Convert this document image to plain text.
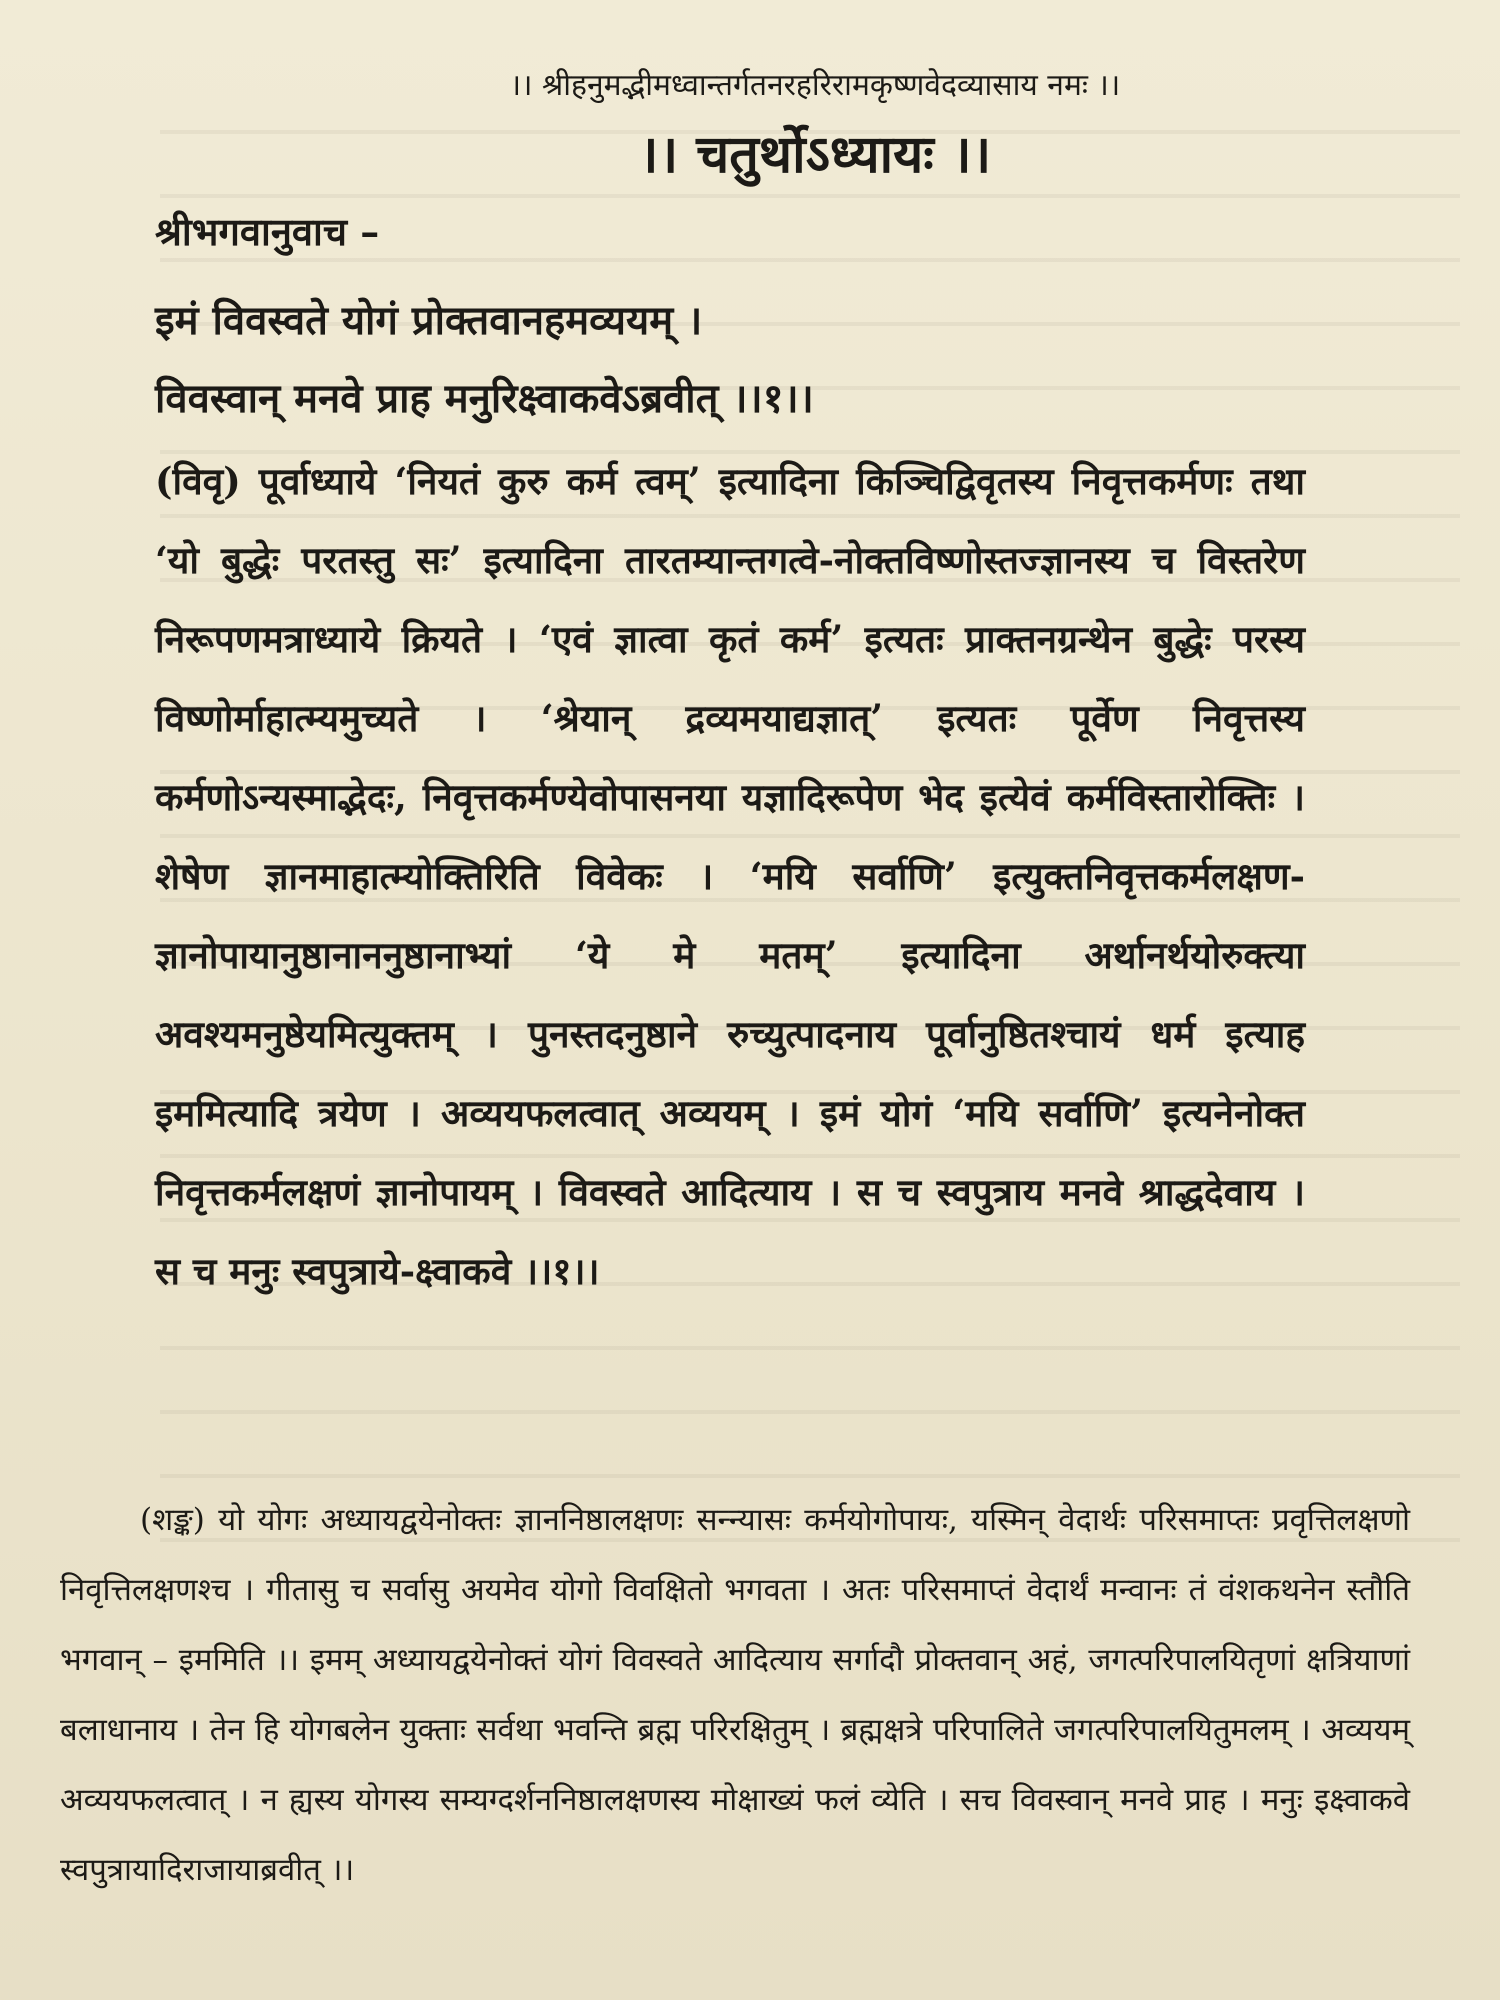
।। श्रीहनुमद्भीमध्वान्तर्गतनरहरिरामकृष्णवेदव्यासाय नमः ।।

।। चतुर्थोऽध्यायः ।।

श्रीभगवानुवाच –

इमं विवस्वते योगं प्रोक्तवानहमव्ययम् ।
विवस्वान् मनवे प्राह मनुरिक्ष्वाकवेऽब्रवीत् ।।१।।

(विवृ) पूर्वाध्याये ‘नियतं कुरु कर्म त्वम्’ इत्यादिना किञ्चिद्विवृतस्य निवृत्तकर्मणः तथा ‘यो बुद्धेः परतस्तु सः’ इत्यादिना तारतम्यान्तगत्वे-नोक्तविष्णोस्तज्ज्ञानस्य च विस्तरेण निरूपणमत्राध्याये क्रियते । ‘एवं ज्ञात्वा कृतं कर्म’ इत्यतः प्राक्तनग्रन्थेन बुद्धेः परस्य विष्णोर्माहात्म्यमुच्यते । ‘श्रेयान् द्रव्यमयाद्यज्ञात्’ इत्यतः पूर्वेण निवृत्तस्य कर्मणोऽन्यस्माद्भेदः, निवृत्तकर्मण्येवोपासनया यज्ञादिरूपेण भेद इत्येवं कर्मविस्तारोक्तिः । शेषेण ज्ञानमाहात्म्योक्तिरिति विवेकः । ‘मयि सर्वाणि’ इत्युक्तनिवृत्तकर्मलक्षण-ज्ञानोपायानुष्ठानाननुष्ठानाभ्यां ‘ये मे मतम्’ इत्यादिना अर्थानर्थयोरुक्त्या अवश्यमनुष्ठेयमित्युक्तम् । पुनस्तदनुष्ठाने रुच्युत्पादनाय पूर्वानुष्ठितश्चायं धर्म इत्याह इममित्यादि त्रयेण । अव्ययफलत्वात् अव्ययम् । इमं योगं ‘मयि सर्वाणि’ इत्यनेनोक्त निवृत्तकर्मलक्षणं ज्ञानोपायम् । विवस्वते आदित्याय । स च स्वपुत्राय मनवे श्राद्धदेवाय । स च मनुः स्वपुत्राये-क्ष्वाकवे ।।१।।

(शङ्क) यो योगः अध्यायद्वयेनोक्तः ज्ञाननिष्ठालक्षणः सन्न्यासः कर्मयोगोपायः, यस्मिन् वेदार्थः परिसमाप्तः प्रवृत्तिलक्षणो निवृत्तिलक्षणश्च । गीतासु च सर्वासु अयमेव योगो विवक्षितो भगवता । अतः परिसमाप्तं वेदार्थं मन्वानः तं वंशकथनेन स्तौति भगवान् – इममिति ।। इमम् अध्यायद्वयेनोक्तं योगं विवस्वते आदित्याय सर्गादौ प्रोक्तवान् अहं, जगत्परिपालयितृणां क्षत्रियाणां बलाधानाय । तेन हि योगबलेन युक्ताः सर्वथा भवन्ति ब्रह्म परिरक्षितुम् । ब्रह्मक्षत्रे परिपालिते जगत्परिपालयितुमलम् । अव्ययम् अव्ययफलत्वात् । न ह्यस्य योगस्य सम्यग्दर्शननिष्ठालक्षणस्य मोक्षाख्यं फलं व्येति । सच विवस्वान् मनवे प्राह । मनुः इक्ष्वाकवे स्वपुत्रायादिराजायाब्रवीत् ।।
